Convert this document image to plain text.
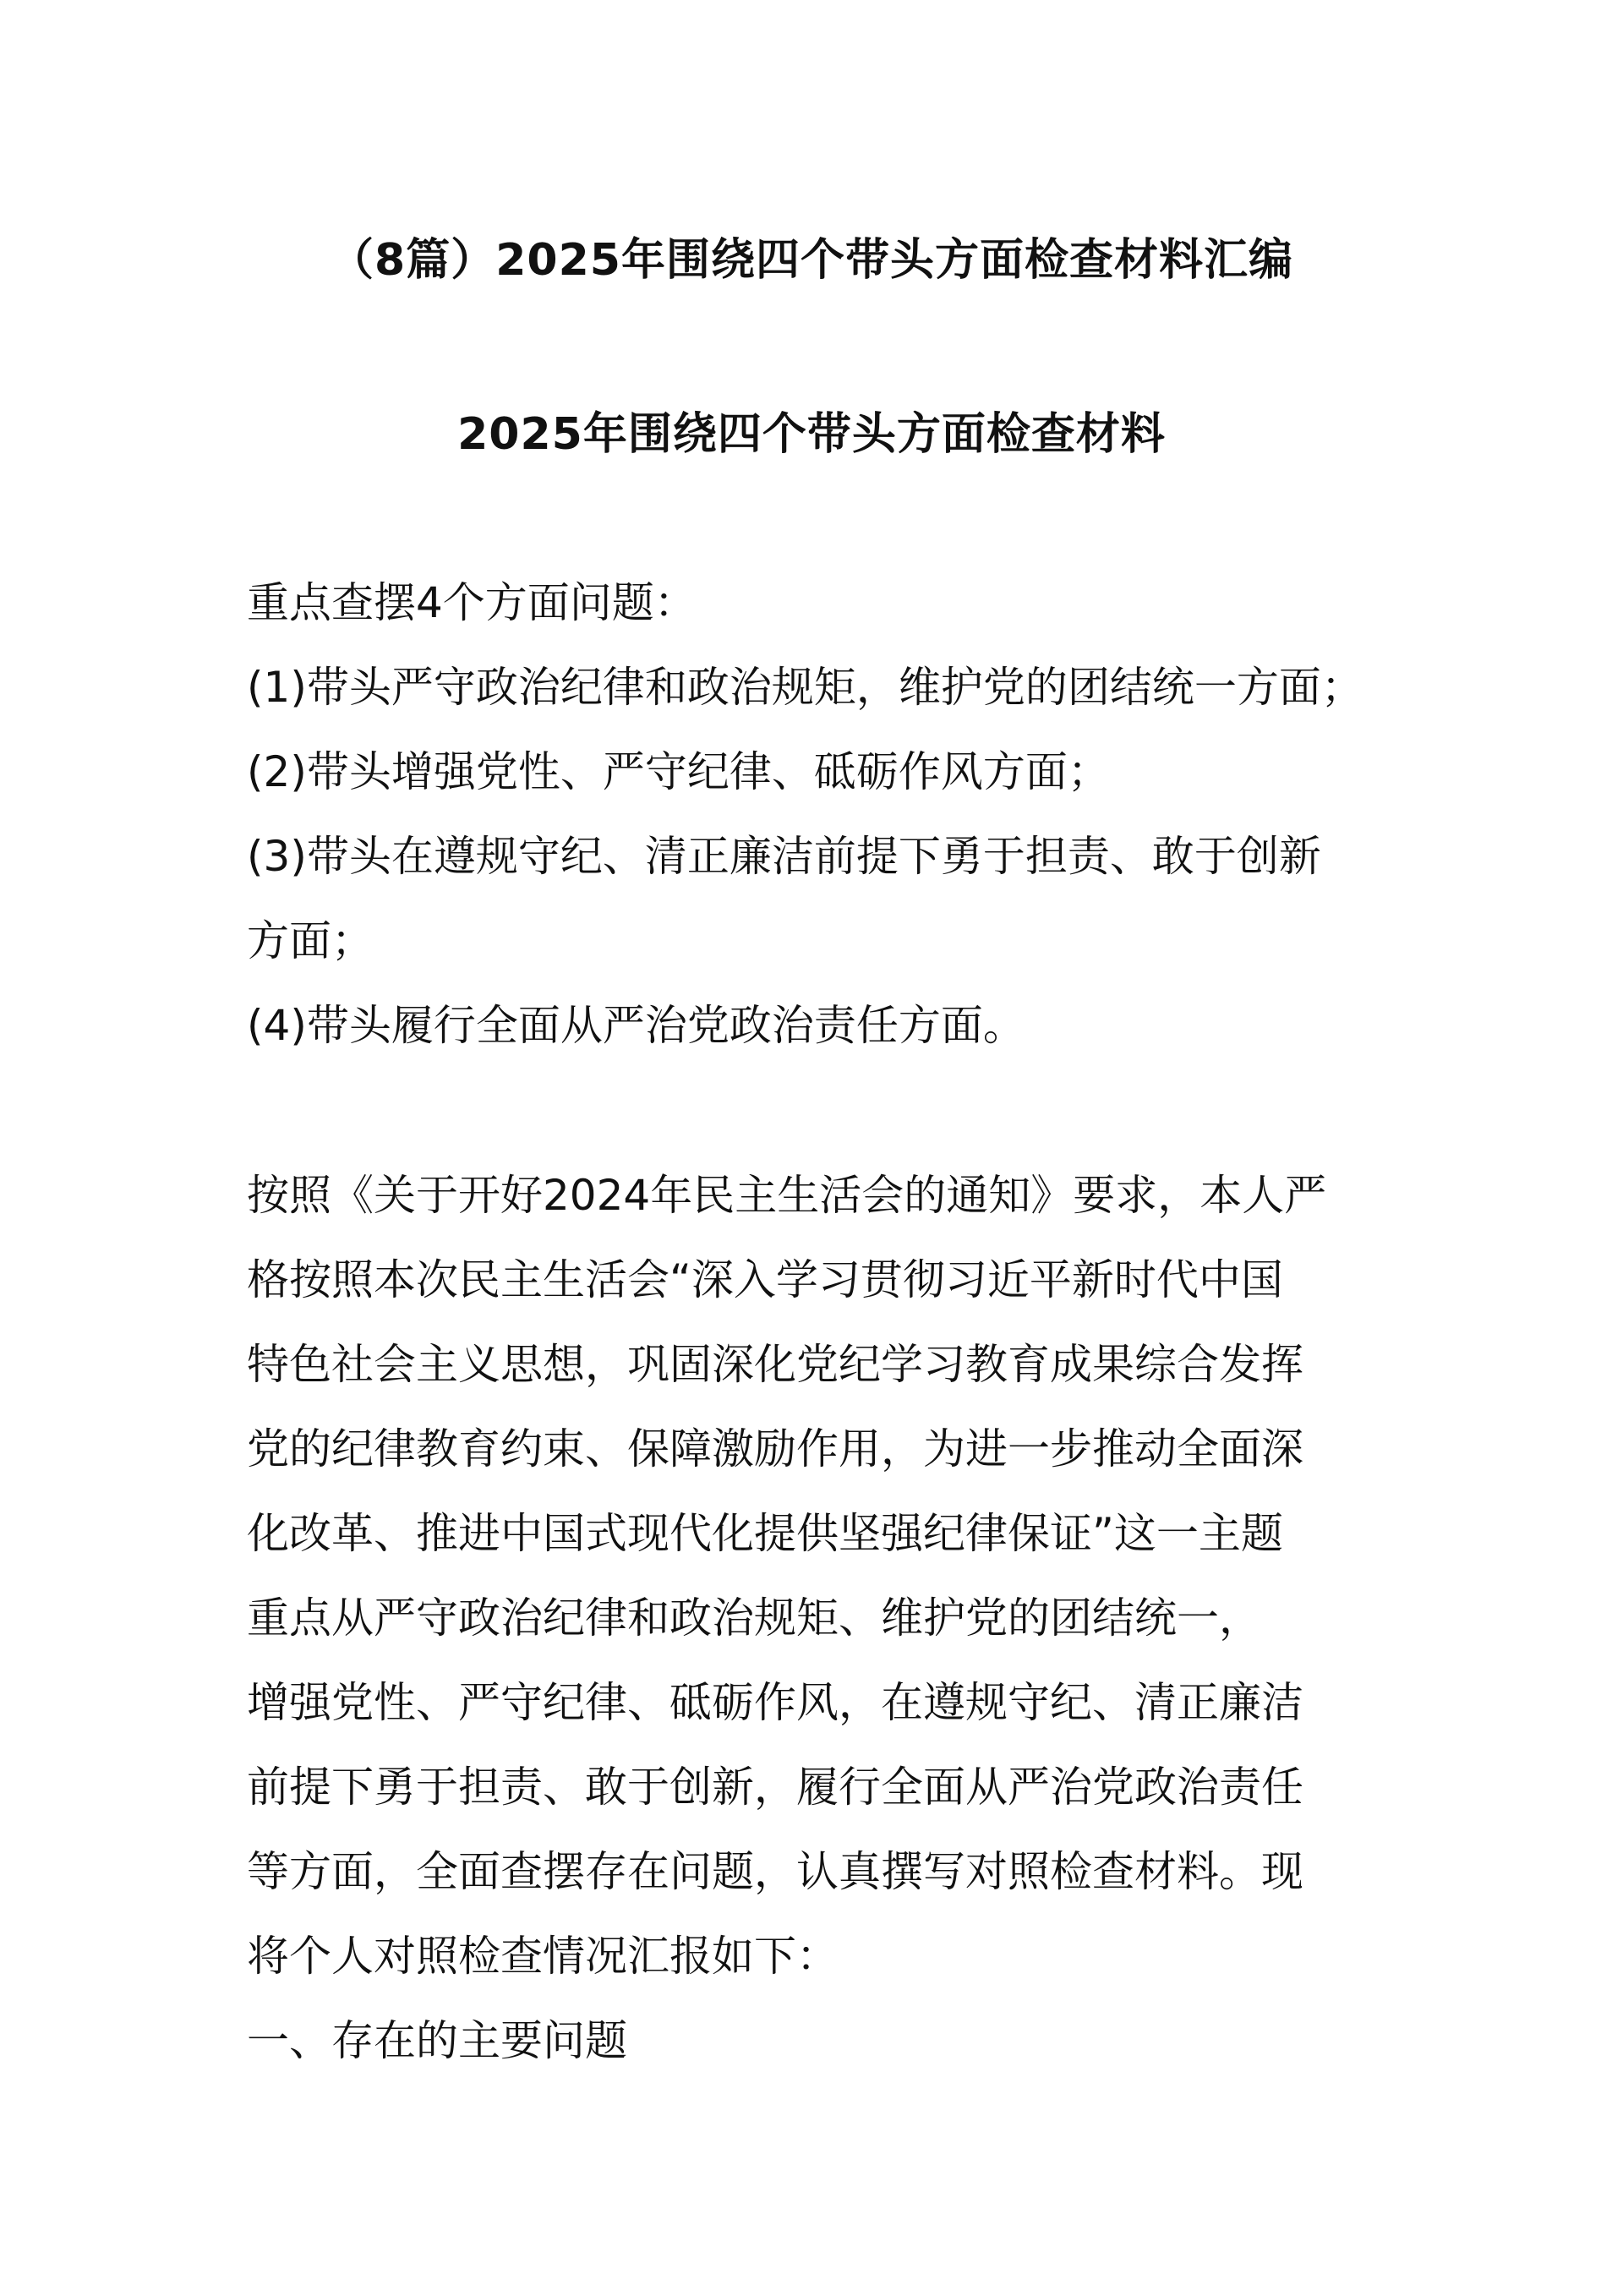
（8篇）2025年围绕四个带头方面检查材料汇编
2025年围绕四个带头方面检查材料
重点查摆4个方面问题：
(1)带头严守政治纪律和政治规矩，维护党的团结统一方面；
(2)带头增强党性、严守纪律、砥砺作风方面；
(3)带头在遵规守纪、清正廉洁前提下勇于担责、敢于创新
方面；
(4)带头履行全面从严治党政治责任方面。
按照《关于开好2024年民主生活会的通知》要求，本人严
格按照本次民主生活会“深入学习贯彻习近平新时代中国
特色社会主义思想，巩固深化党纪学习教育成果综合发挥
党的纪律教育约束、保障激励作用，为进一步推动全面深
化改革、推进中国式现代化提供坚强纪律保证”这一主题
重点从严守政治纪律和政治规矩、维护党的团结统一，
增强党性、严守纪律、砥砺作风，在遵规守纪、清正廉洁
前提下勇于担责、敢于创新，履行全面从严治党政治责任
等方面，全面查摆存在问题，认真撰写对照检查材料。现
将个人对照检查情况汇报如下：
一、存在的主要问题
